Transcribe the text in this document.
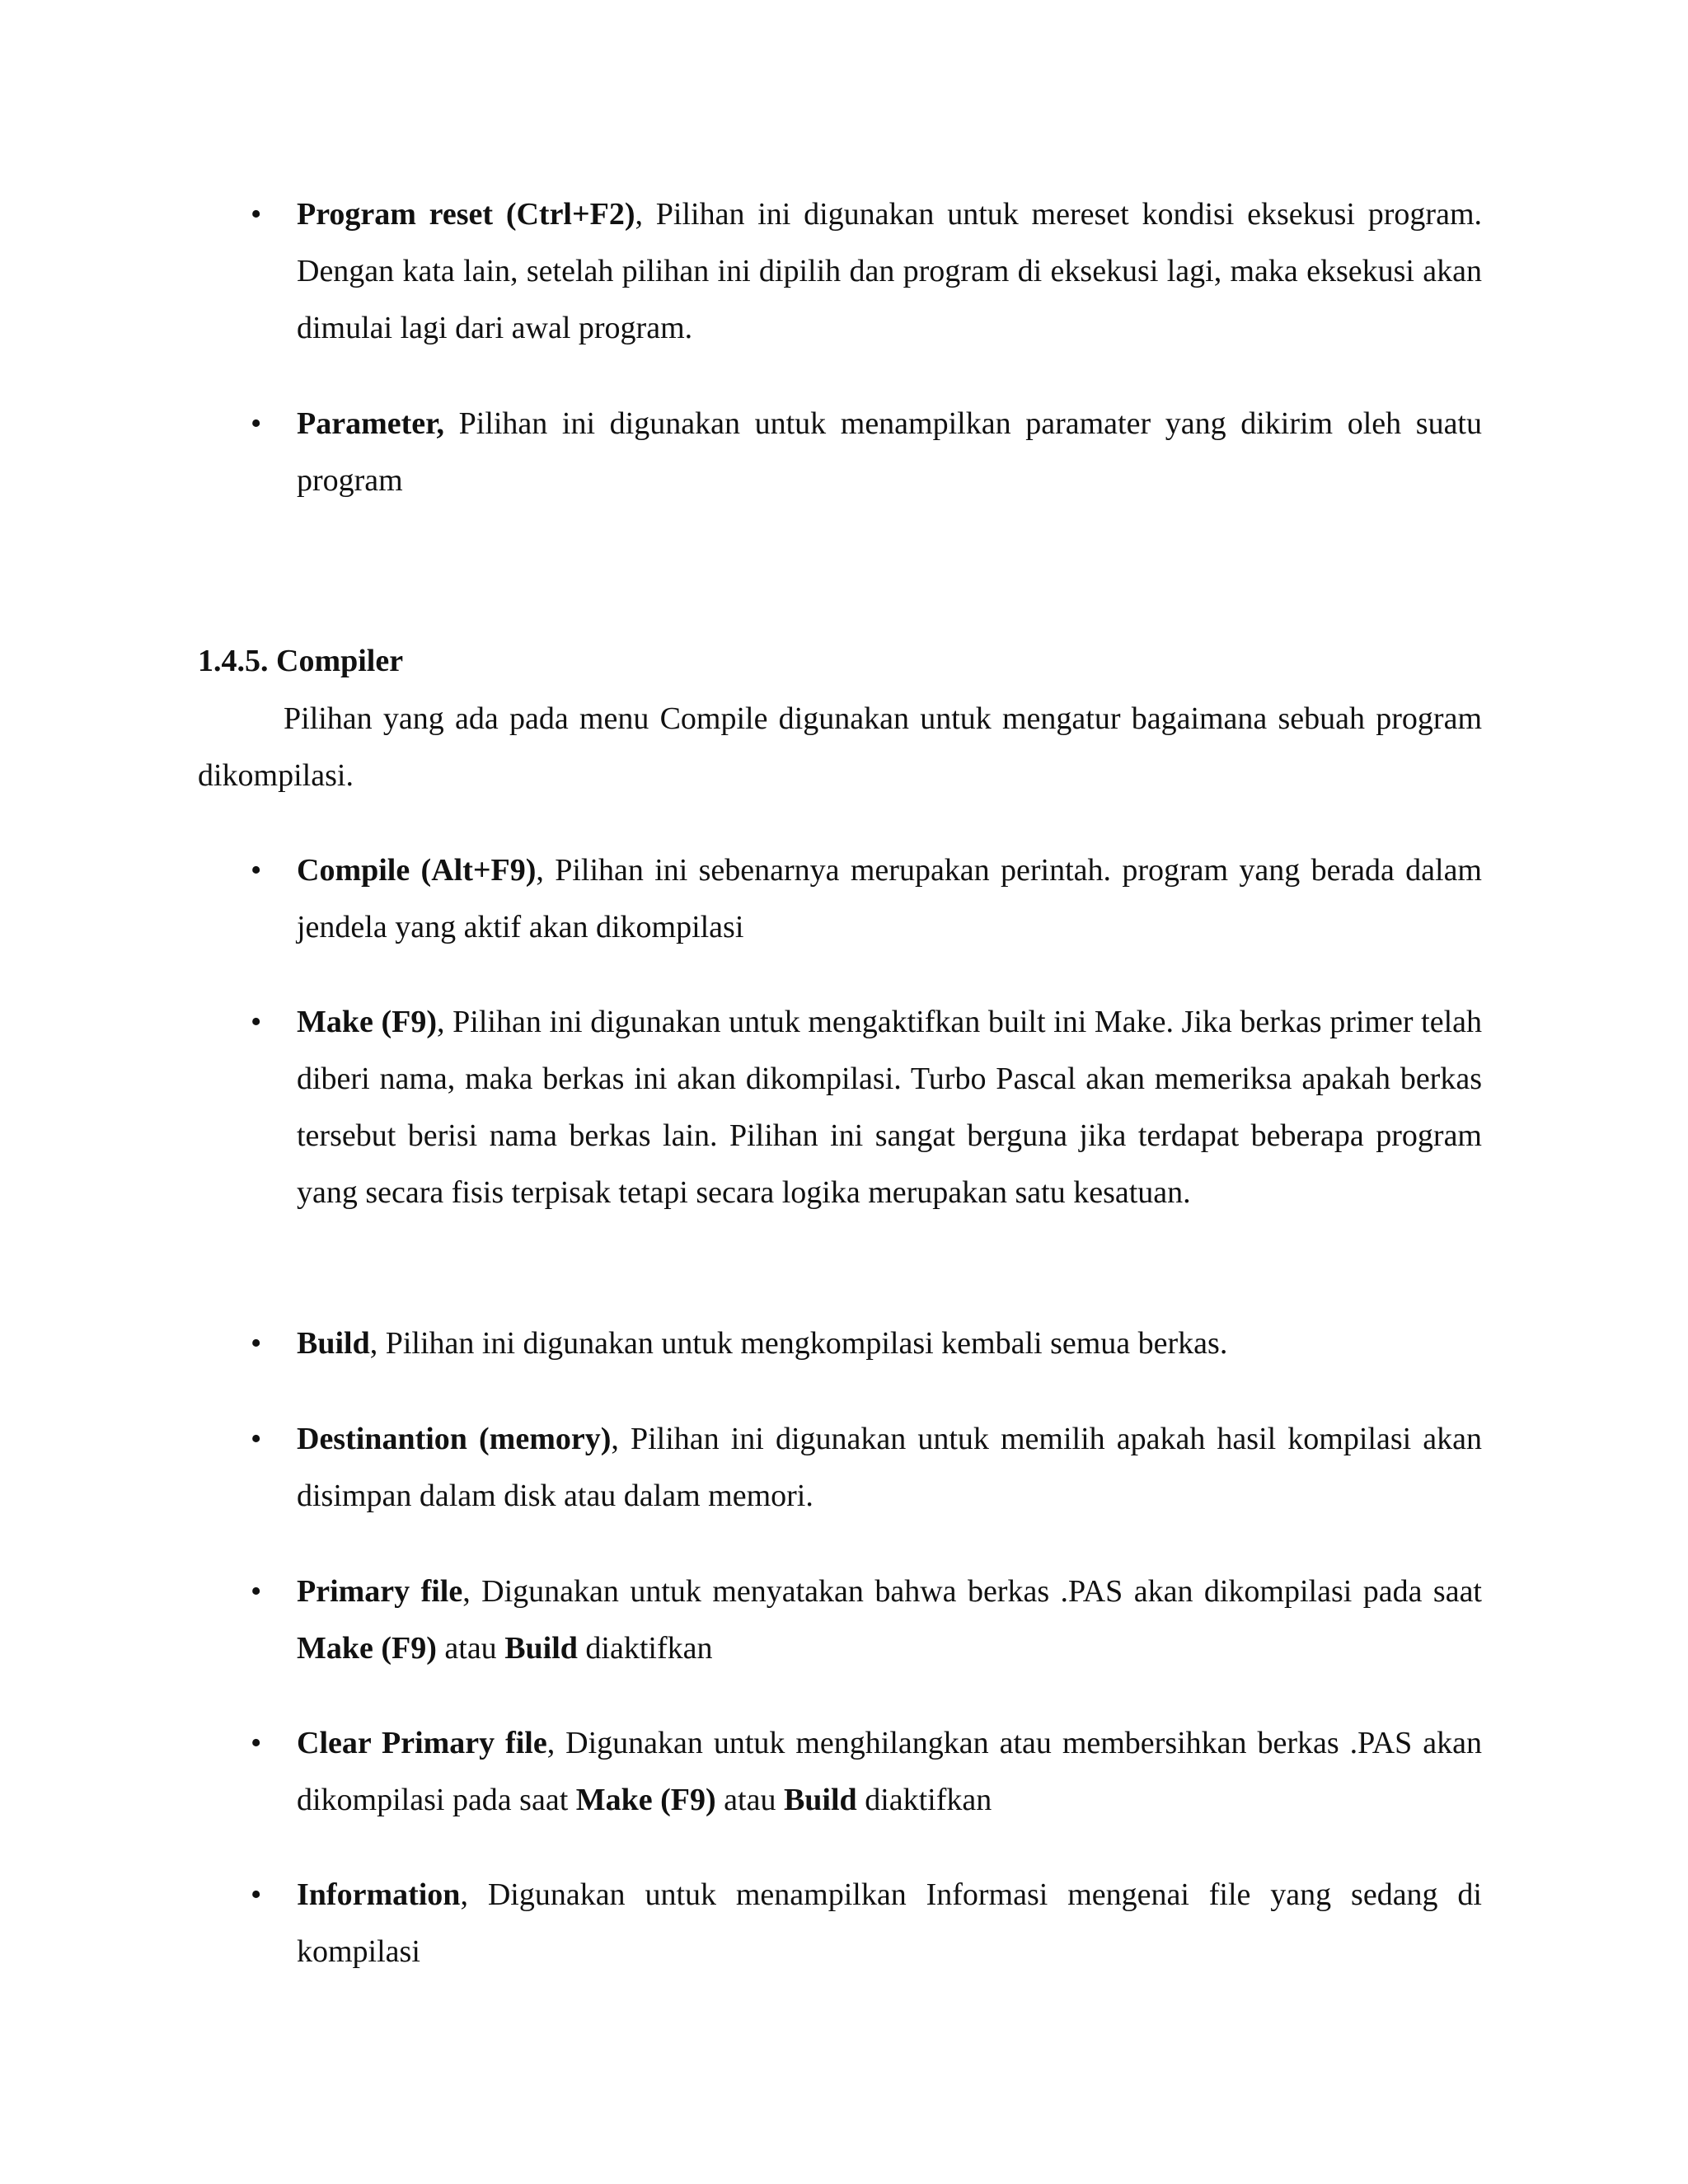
• Program reset (Ctrl+F2), Pilihan ini digunakan untuk mereset kondisi eksekusi program. Dengan kata lain, setelah pilihan ini dipilih dan program di eksekusi lagi, maka eksekusi akan dimulai lagi dari awal program.
• Parameter, Pilihan ini digunakan untuk menampilkan paramater yang dikirim oleh suatu program
1.4.5. Compiler
Pilihan yang ada pada menu Compile digunakan untuk mengatur bagaimana sebuah program dikompilasi.
• Compile (Alt+F9), Pilihan ini sebenarnya merupakan perintah. program yang berada dalam jendela yang aktif akan dikompilasi
• Make (F9), Pilihan ini digunakan untuk mengaktifkan built ini Make. Jika berkas primer telah diberi nama, maka berkas ini akan dikompilasi. Turbo Pascal akan memeriksa apakah berkas tersebut berisi nama berkas lain. Pilihan ini sangat berguna jika terdapat beberapa program yang secara fisis terpisak tetapi secara logika merupakan satu kesatuan.
• Build, Pilihan ini digunakan untuk mengkompilasi kembali semua berkas.
• Destinantion (memory), Pilihan ini digunakan untuk memilih apakah hasil kompilasi akan disimpan dalam disk atau dalam memori.
• Primary file, Digunakan untuk menyatakan bahwa berkas .PAS akan dikompilasi pada saat Make (F9) atau Build diaktifkan
• Clear Primary file, Digunakan untuk menghilangkan atau membersihkan berkas .PAS akan dikompilasi pada saat Make (F9) atau Build diaktifkan
• Information, Digunakan untuk menampilkan Informasi mengenai file yang sedang di kompilasi
